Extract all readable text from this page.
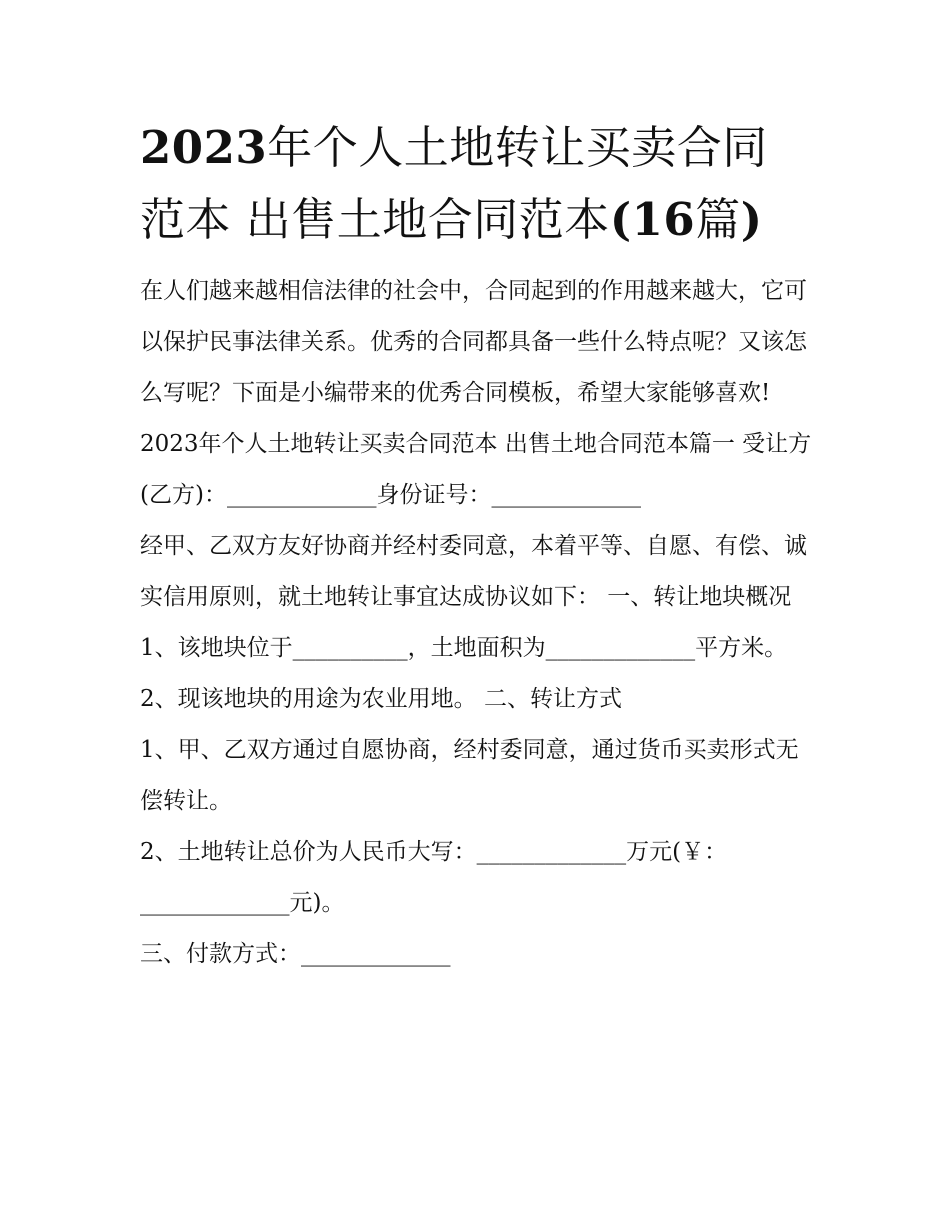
2023年个人土地转让买卖合同
范本 出售土地合同范本(16篇)

在人们越来越相信法律的社会中，合同起到的作用越来越大，它可以保护民事法律关系。优秀的合同都具备一些什么特点呢？又该怎么写呢？下面是小编带来的优秀合同模板，希望大家能够喜欢!

2023年个人土地转让买卖合同范本 出售土地合同范本篇一 受让方(乙方)：_____________身份证号：_____________

经甲、乙双方友好协商并经村委同意，本着平等、自愿、有偿、诚实信用原则，就土地转让事宜达成协议如下： 一、转让地块概况

1、该地块位于__________，土地面积为_____________平方米。 2、现该地块的用途为农业用地。 二、转让方式

1、甲、乙双方通过自愿协商，经村委同意，通过货币买卖形式无偿转让。

2、土地转让总价为人民币大写：_____________万元(￥：_____________元)。

三、付款方式：_____________
